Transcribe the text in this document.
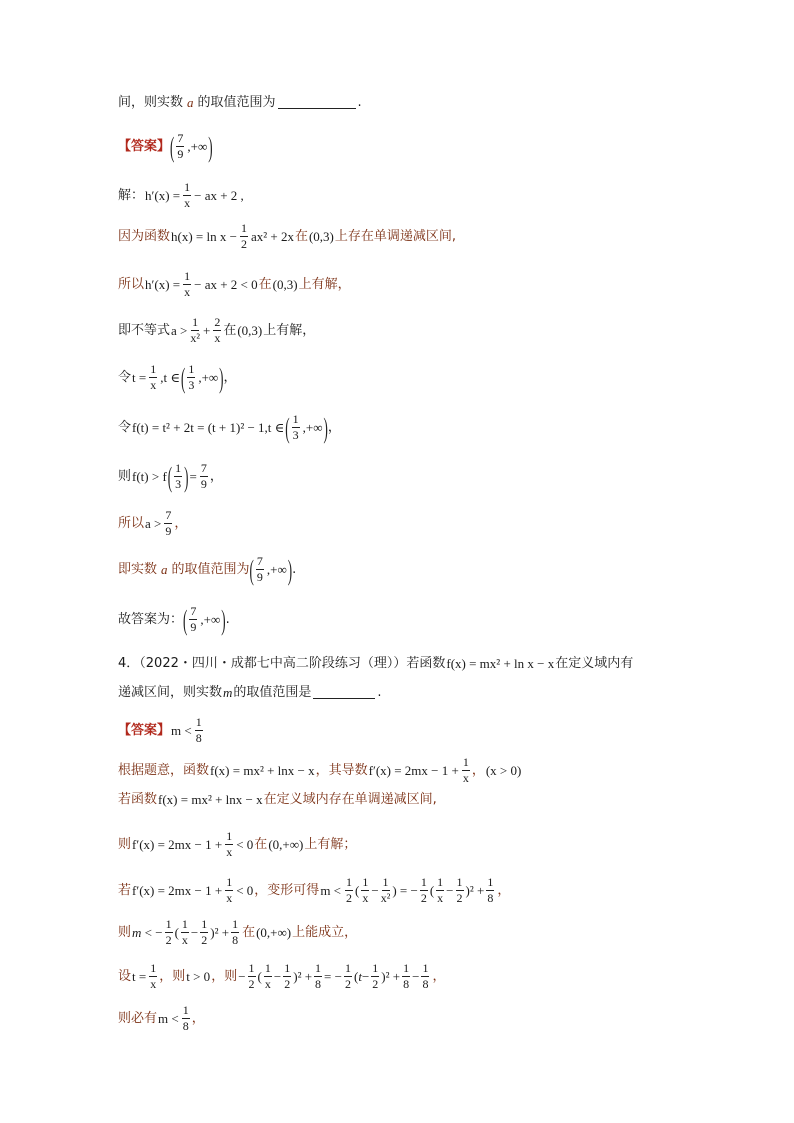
间，则实数 a 的取值范围为	.
【答案】 ( $\frac{7}{9}$ ,+∞ )
解： $h'(x) = \frac{1}{x}$ − ax + 2 ,
因为函数 $h(x) = \ln x - \frac{1}{2} ax^2 + 2x$ 在 (0,3) 上存在单调递减区间,
所以 $h'(x) = \frac{1}{x}$ − ax + 2 < 0 在 (0,3) 上有解，
即不等式 $a > \frac{1}{\text{x²}} + \frac{2}{x}$ 在 (0,3) 上有解，
令 $t = \frac{1}{x} ,t$ ∈ ( $\frac{1}{3}$ ,+∞ ) ，
令 f(t) = t² + 2t = (t + 1)² − 1,t ∈ ( $\frac{1}{3}$ ,+∞ ) ，
则 f(t) > f ( $\frac{1}{3}$ ) = $\frac{7}{9}$ ，
所以 $a > \frac{7}{9}$ ，
即实数 a 的取值范围为 ( $\frac{7}{9}$ ,+∞ ) .
故答案为： ( $\frac{7}{9}$ ,+∞ ) .
4．（2022・四川・成都七中高二阶段练习（理））若函数 f(x) = mx² + ln x − x 在定义域内有
递减区间，则实数 m 的取值范围是	.
【答案】 $m < \frac{1}{8}$
根据题意，函数 f(x) = mx² + lnx − x ，其导数 $f'(x) = 2mx - 1 + \frac{1}{x}$ ， (x > 0)
若函数 f(x) = mx² + lnx − x 在定义域内存在单调递减区间,
则 $f'(x) = 2mx - 1 + \frac{1}{x} < 0$ 在 (0,+∞) 上有解；
若 $f'(x) = 2mx - 1 + \frac{1}{x} < 0$ ，变形可得 m <
1
2 (
1
x −
1
x² ) = −
1
2 (
1
x −
1
2 )² +
1
8 ，
则 m < −
1
2 (
1
x −
1
2 )² +
1
8 在 (0,+∞) 上能成立，
设 $t = \frac{1}{x}$ ，则 t > 0 ，则 −
1
2 (
1
x −
1
2 )² +
1
8 = −
1
2 ( t −
1
2 )² +
1
8 −
1
8 ，
则必有 $m < \frac{1}{8}$ ，
